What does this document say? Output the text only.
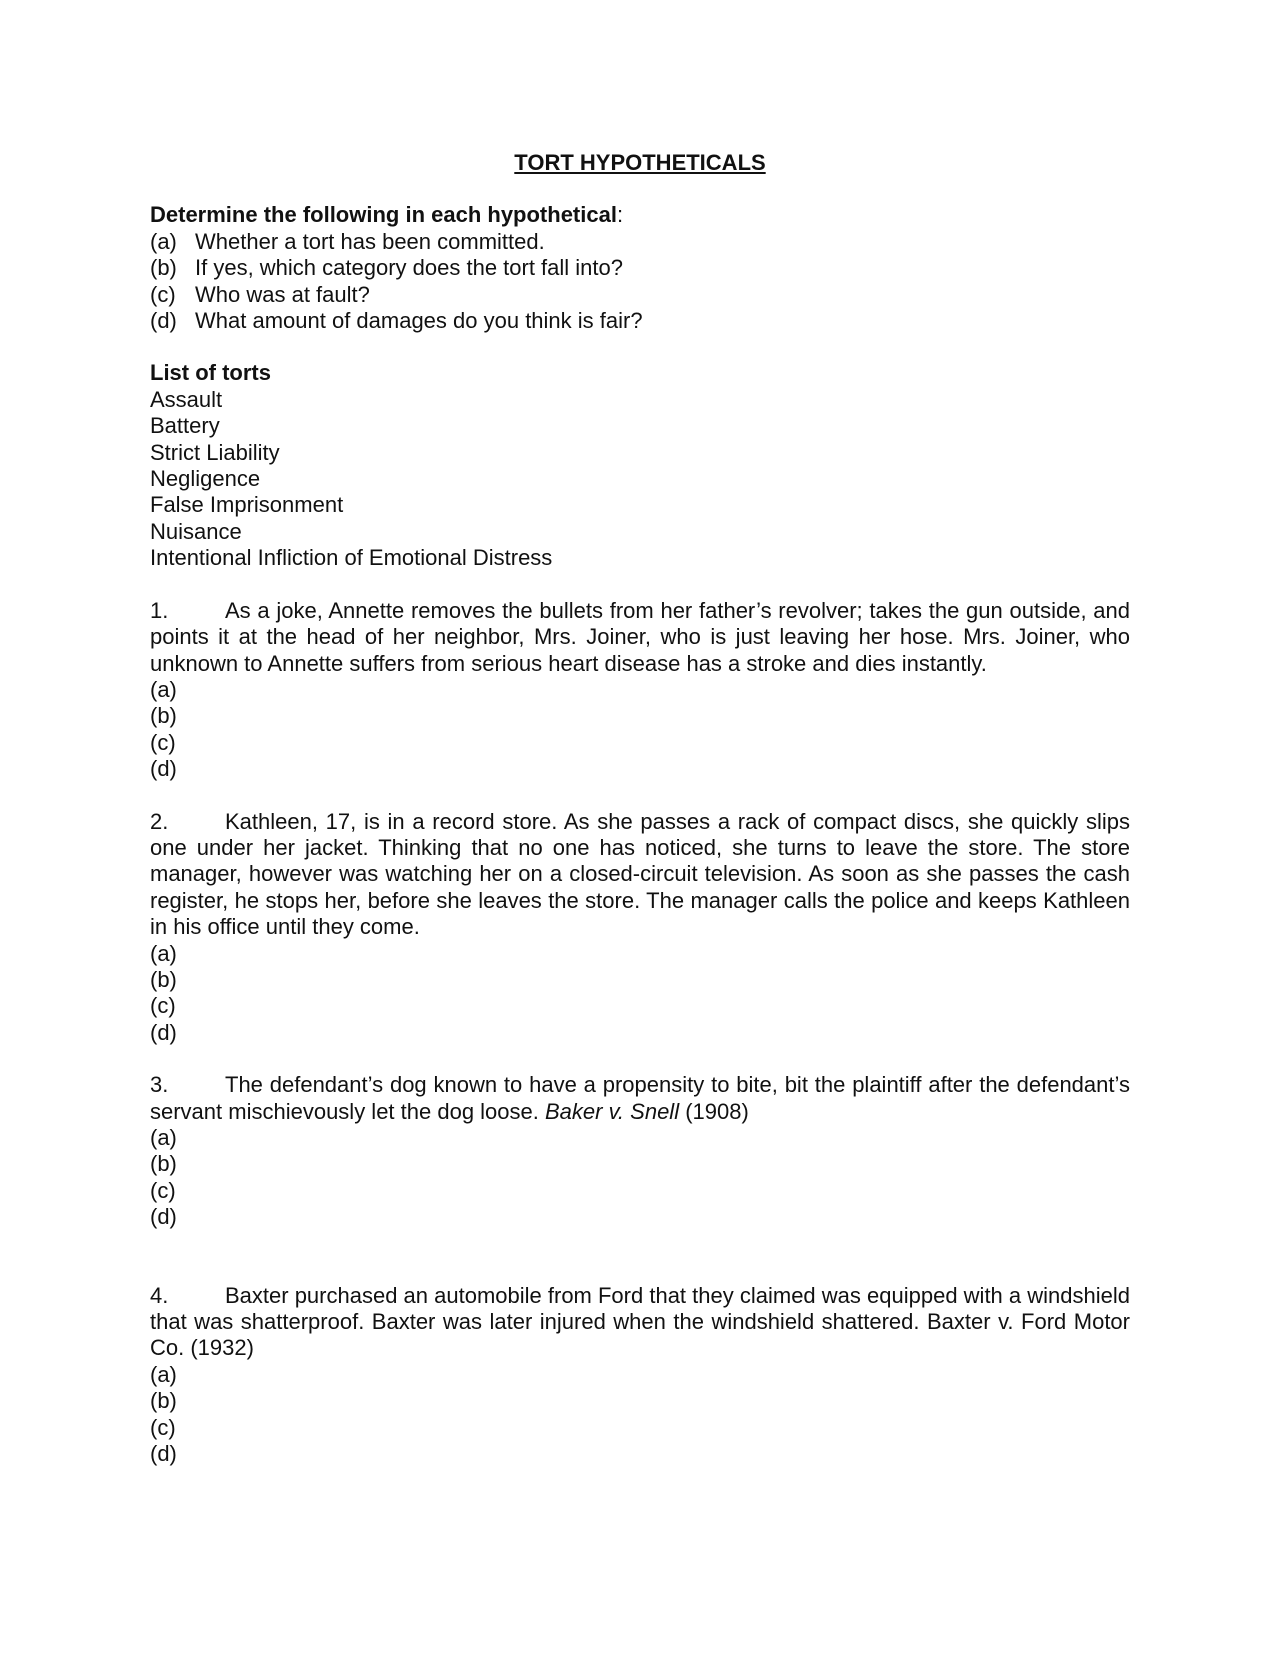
TORT HYPOTHETICALS
Determine the following in each hypothetical:
(a) Whether a tort has been committed.
(b) If yes, which category does the tort fall into?
(c) Who was at fault?
(d) What amount of damages do you think is fair?
List of torts
Assault
Battery
Strict Liability
Negligence
False Imprisonment
Nuisance
Intentional Infliction of Emotional Distress
1.	As a joke, Annette removes the bullets from her father’s revolver; takes the gun outside, and points it at the head of her neighbor, Mrs. Joiner, who is just leaving her hose. Mrs. Joiner, who unknown to Annette suffers from serious heart disease has a stroke and dies instantly.
(a)
(b)
(c)
(d)
2.	Kathleen, 17, is in a record store. As she passes a rack of compact discs, she quickly slips one under her jacket. Thinking that no one has noticed, she turns to leave the store. The store manager, however was watching her on a closed-circuit television. As soon as she passes the cash register, he stops her, before she leaves the store. The manager calls the police and keeps Kathleen in his office until they come.
(a)
(b)
(c)
(d)
3.	The defendant’s dog known to have a propensity to bite, bit the plaintiff after the defendant’s servant mischievously let the dog loose. Baker v. Snell (1908)
(a)
(b)
(c)
(d)
4.	Baxter purchased an automobile from Ford that they claimed was equipped with a windshield that was shatterproof. Baxter was later injured when the windshield shattered. Baxter v. Ford Motor Co. (1932)
(a)
(b)
(c)
(d)
